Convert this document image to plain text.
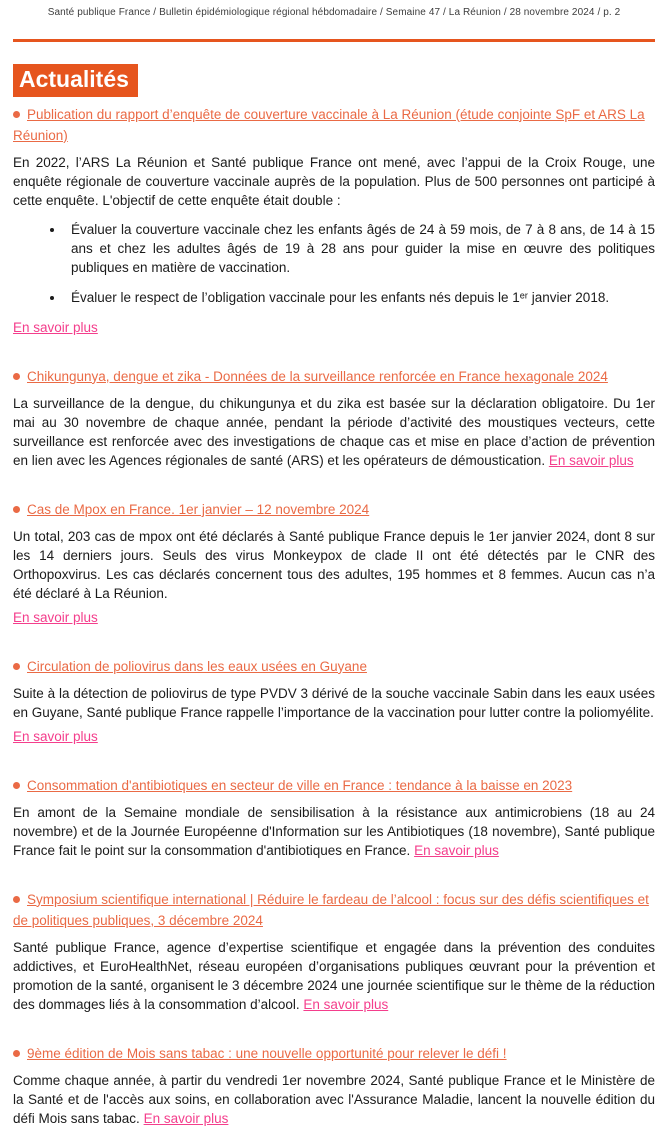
Santé publique France / Bulletin épidémiologique régional hébdomadaire / Semaine 47 / La Réunion / 28 novembre 2024 / p. 2
Actualités
Publication du rapport d’enquête de couverture vaccinale à La Réunion (étude conjointe SpF et ARS La Réunion)

En 2022, l’ARS La Réunion et Santé publique France ont mené, avec l’appui de la Croix Rouge, une enquête régionale de couverture vaccinale auprès de la population. Plus de 500 personnes ont participé à cette enquête. L'objectif de cette enquête était double :

• Évaluer la couverture vaccinale chez les enfants âgés de 24 à 59 mois, de 7 à 8 ans, de 14 à 15 ans et chez les adultes âgés de 19 à 28 ans pour guider la mise en œuvre des politiques publiques en matière de vaccination.
• Évaluer le respect de l’obligation vaccinale pour les enfants nés depuis le 1ᵉʳ janvier 2018.

En savoir plus

Chikungunya, dengue et zika - Données de la surveillance renforcée en France hexagonale 2024

La surveillance de la dengue, du chikungunya et du zika est basée sur la déclaration obligatoire. Du 1er mai au 30 novembre de chaque année, pendant la période d’activité des moustiques vecteurs, cette surveillance est renforcée avec des investigations de chaque cas et mise en place d’action de prévention en lien avec les Agences régionales de santé (ARS) et les opérateurs de démoustication. En savoir plus

Cas de Mpox en France. 1er janvier – 12 novembre 2024

Un total, 203 cas de mpox ont été déclarés à Santé publique France depuis le 1er janvier 2024, dont 8 sur les 14 derniers jours. Seuls des virus Monkeypox de clade II ont été détectés par le CNR des Orthopoxvirus. Les cas déclarés concernent tous des adultes, 195 hommes et 8 femmes. Aucun cas n’a été déclaré à La Réunion.

En savoir plus

Circulation de poliovirus dans les eaux usées en Guyane

Suite à la détection de poliovirus de type PVDV 3 dérivé de la souche vaccinale Sabin dans les eaux usées en Guyane, Santé publique France rappelle l’importance de la vaccination pour lutter contre la poliomyélite.

En savoir plus

Consommation d'antibiotiques en secteur de ville en France : tendance à la baisse en 2023

En amont de la Semaine mondiale de sensibilisation à la résistance aux antimicrobiens (18 au 24 novembre) et de la Journée Européenne d'Information sur les Antibiotiques (18 novembre), Santé publique France fait le point sur la consommation d'antibiotiques en France. En savoir plus

Symposium scientifique international | Réduire le fardeau de l’alcool : focus sur des défis scientifiques et de politiques publiques, 3 décembre 2024

Santé publique France, agence d’expertise scientifique et engagée dans la prévention des conduites addictives, et EuroHealthNet, réseau européen d’organisations publiques œuvrant pour la prévention et promotion de la santé, organisent le 3 décembre 2024 une journée scientifique sur le thème de la réduction des dommages liés à la consommation d’alcool. En savoir plus

9ème édition de Mois sans tabac : une nouvelle opportunité pour relever le défi !

Comme chaque année, à partir du vendredi 1er novembre 2024, Santé publique France et le Ministère de la Santé et de l'accès aux soins, en collaboration avec l'Assurance Maladie, lancent la nouvelle édition du défi Mois sans tabac. En savoir plus
